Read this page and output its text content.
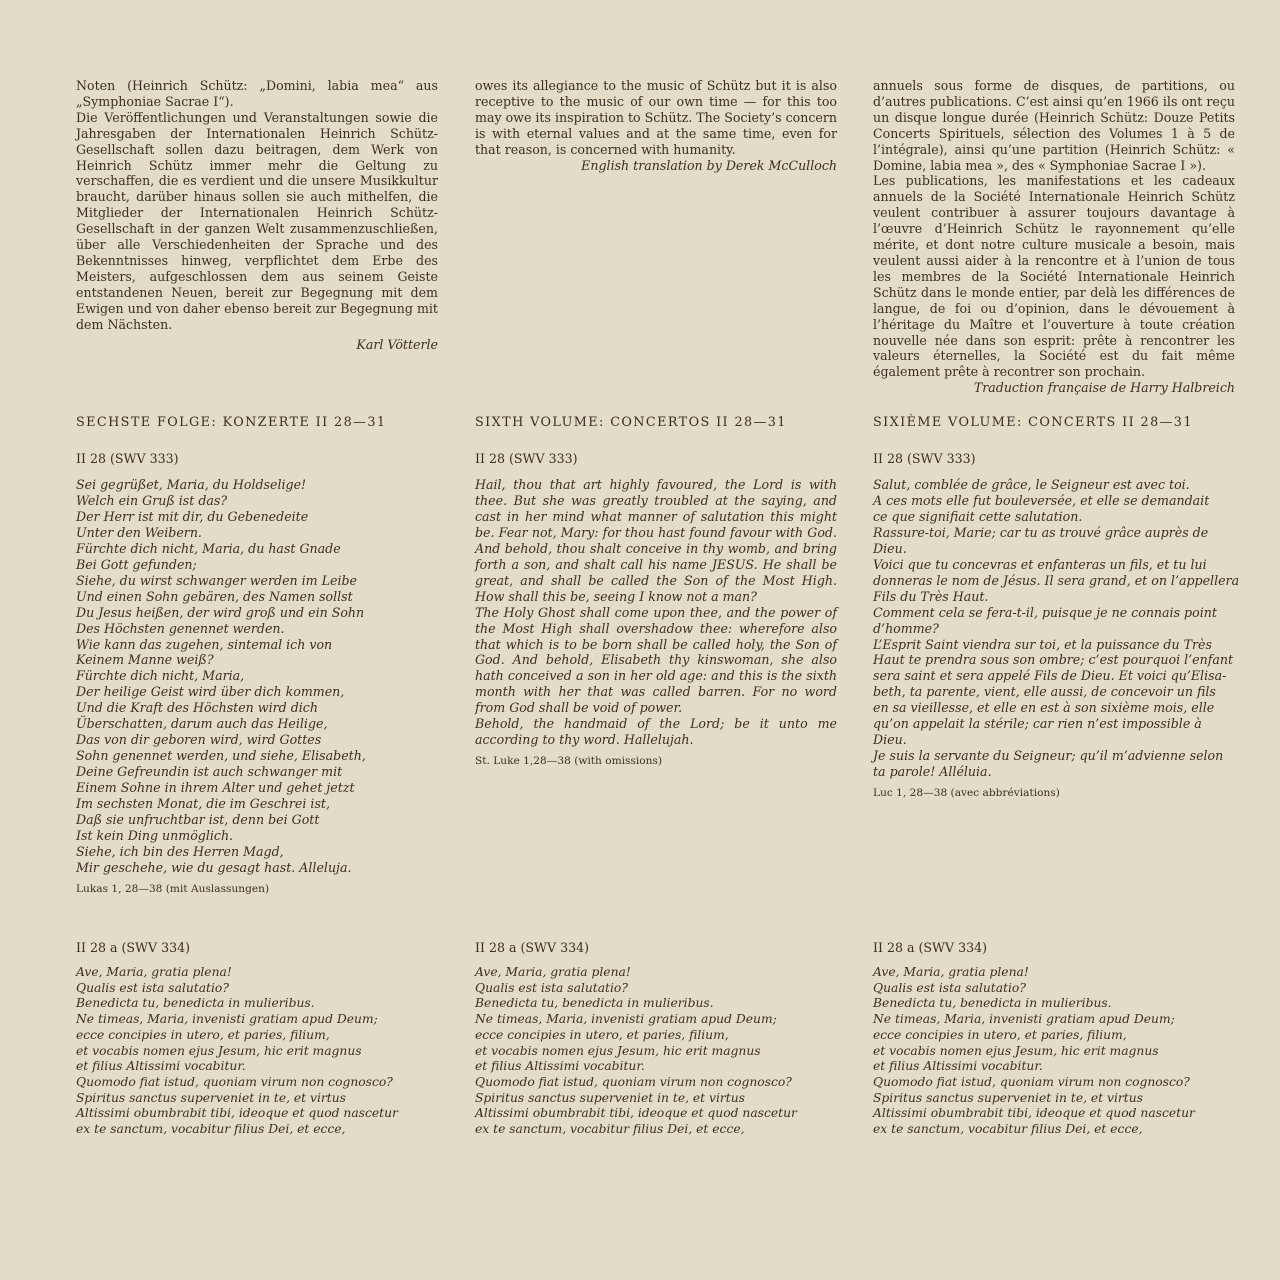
Noten (Heinrich Schütz: „Domini, labia mea“ aus „Symphoniae Sacrae I“).

Die Veröffentlichungen und Veranstaltungen sowie die Jahresgaben der Internationalen Heinrich Schütz-Gesellschaft sollen dazu beitragen, dem Werk von Heinrich Schütz immer mehr die Geltung zu verschaffen, die es verdient und die unsere Musikkultur braucht, darüber hinaus sollen sie auch mithelfen, die Mitglieder der Internationalen Heinrich Schütz-Gesellschaft in der ganzen Welt zusammenzuschließen, über alle Verschiedenheiten der Sprache und des Bekenntnisses hinweg, verpflichtet dem Erbe des Meisters, aufgeschlossen dem aus seinem Geiste entstandenen Neuen, bereit zur Begegnung mit dem Ewigen und von daher ebenso bereit zur Begegnung mit dem Nächsten.

Karl Vötterle

owes its allegiance to the music of Schütz but it is also receptive to the music of our own time — for this too may owe its inspiration to Schütz. The Society’s concern is with eternal values and at the same time, even for that reason, is concerned with humanity.

English translation by Derek McCulloch

annuels sous forme de disques, de partitions, ou d’autres publications. C’est ainsi qu’en 1966 ils ont reçu un disque longue durée (Heinrich Schütz: Douze Petits Concerts Spirituels, sélection des Volumes 1 à 5 de l’intégrale), ainsi qu’une partition (Heinrich Schütz: « Domine, labia mea », des « Symphoniae Sacrae I »).

Les publications, les manifestations et les cadeaux annuels de la Société Internationale Heinrich Schütz veulent contribuer à assurer toujours davantage à l’œuvre d’Heinrich Schütz le rayonnement qu’elle mérite, et dont notre culture musicale a besoin, mais veulent aussi aider à la rencontre et à l’union de tous les membres de la Société Internationale Heinrich Schütz dans le monde entier, par delà les différences de langue, de foi ou d’opinion, dans le dévouement à l’héritage du Maître et l’ouverture à toute création nouvelle née dans son esprit: prête à rencontrer les valeurs éternelles, la Société est du fait même également prête à recontrer son prochain.

Traduction française de Harry Halbreich
SECHSTE FOLGE: KONZERTE II 28—31
II 28 (SWV 333)
Sei gegrüßet, Maria, du Holdselige!
Welch ein Gruß ist das?
Der Herr ist mit dir, du Gebenedeite
Unter den Weibern.
Fürchte dich nicht, Maria, du hast Gnade
Bei Gott gefunden;
Siehe, du wirst schwanger werden im Leibe
Und einen Sohn gebären, des Namen sollst
Du Jesus heißen, der wird groß und ein Sohn
Des Höchsten genennet werden.
Wie kann das zugehen, sintemal ich von
Keinem Manne weiß?
Fürchte dich nicht, Maria,
Der heilige Geist wird über dich kommen,
Und die Kraft des Höchsten wird dich
Überschatten, darum auch das Heilige,
Das von dir geboren wird, wird Gottes
Sohn genennet werden, und siehe, Elisabeth,
Deine Gefreundin ist auch schwanger mit
Einem Sohne in ihrem Alter und gehet jetzt
Im sechsten Monat, die im Geschrei ist,
Daß sie unfruchtbar ist, denn bei Gott
Ist kein Ding unmöglich.
Siehe, ich bin des Herren Magd,
Mir geschehe, wie du gesagt hast. Alleluja.
Lukas 1, 28—38 (mit Auslassungen)
SIXTH VOLUME: CONCERTOS II 28—31
II 28 (SWV 333)
Hail, thou that art highly favoured, the Lord is with thee. But she was greatly troubled at the saying, and cast in her mind what manner of salutation this might be. Fear not, Mary: for thou hast found favour with God. And behold, thou shalt conceive in thy womb, and bring forth a son, and shalt call his name JESUS. He shall be great, and shall be called the Son of the Most High. How shall this be, seeing I know not a man?
The Holy Ghost shall come upon thee, and the power of the Most High shall overshadow thee: wherefore also that which is to be born shall be called holy, the Son of God. And behold, Elisabeth thy kinswoman, she also hath conceived a son in her old age: and this is the sixth month with her that was called barren. For no word from God shall be void of power.
Behold, the handmaid of the Lord; be it unto me according to thy word. Hallelujah.
St. Luke 1,28—38 (with omissions)
SIXIÈME VOLUME: CONCERTS II 28—31
II 28 (SWV 333)
Salut, comblée de grâce, le Seigneur est avec toi.
A ces mots elle fut bouleversée, et elle se demandait
ce que signifiait cette salutation.
Rassure-toi, Marie; car tu as trouvé grâce auprès de
Dieu.
Voici que tu concevras et enfanteras un fils, et tu lui
donneras le nom de Jésus. Il sera grand, et on l’appellera
Fils du Très Haut.
Comment cela se fera-t-il, puisque je ne connais point
d’homme?
L’Esprit Saint viendra sur toi, et la puissance du Très
Haut te prendra sous son ombre; c’est pourquoi l’enfant
sera saint et sera appelé Fils de Dieu. Et voici qu’Elisa-
beth, ta parente, vient, elle aussi, de concevoir un fils
en sa vieillesse, et elle en est à son sixième mois, elle
qu’on appelait la stérile; car rien n’est impossible à
Dieu.
Je suis la servante du Seigneur; qu’il m’advienne selon
ta parole! Alléluia.
Luc 1, 28—38 (avec abbréviations)
II 28 a (SWV 334)
Ave, Maria, gratia plena!
Qualis est ista salutatio?
Benedicta tu, benedicta in mulieribus.
Ne timeas, Maria, invenisti gratiam apud Deum;
ecce concipies in utero, et paries, filium,
et vocabis nomen ejus Jesum, hic erit magnus
et filius Altissimi vocabitur.
Quomodo fiat istud, quoniam virum non cognosco?
Spiritus sanctus superveniet in te, et virtus
Altissimi obumbrabit tibi, ideoque et quod nascetur
ex te sanctum, vocabitur filius Dei, et ecce,
II 28 a (SWV 334)
Ave, Maria, gratia plena!
Qualis est ista salutatio?
Benedicta tu, benedicta in mulieribus.
Ne timeas, Maria, invenisti gratiam apud Deum;
ecce concipies in utero, et paries, filium,
et vocabis nomen ejus Jesum, hic erit magnus
et filius Altissimi vocabitur.
Quomodo fiat istud, quoniam virum non cognosco?
Spiritus sanctus superveniet in te, et virtus
Altissimi obumbrabit tibi, ideoque et quod nascetur
ex te sanctum, vocabitur filius Dei, et ecce,
II 28 a (SWV 334)
Ave, Maria, gratia plena!
Qualis est ista salutatio?
Benedicta tu, benedicta in mulieribus.
Ne timeas, Maria, invenisti gratiam apud Deum;
ecce concipies in utero, et paries, filium,
et vocabis nomen ejus Jesum, hic erit magnus
et filius Altissimi vocabitur.
Quomodo fiat istud, quoniam virum non cognosco?
Spiritus sanctus superveniet in te, et virtus
Altissimi obumbrabit tibi, ideoque et quod nascetur
ex te sanctum, vocabitur filius Dei, et ecce,
